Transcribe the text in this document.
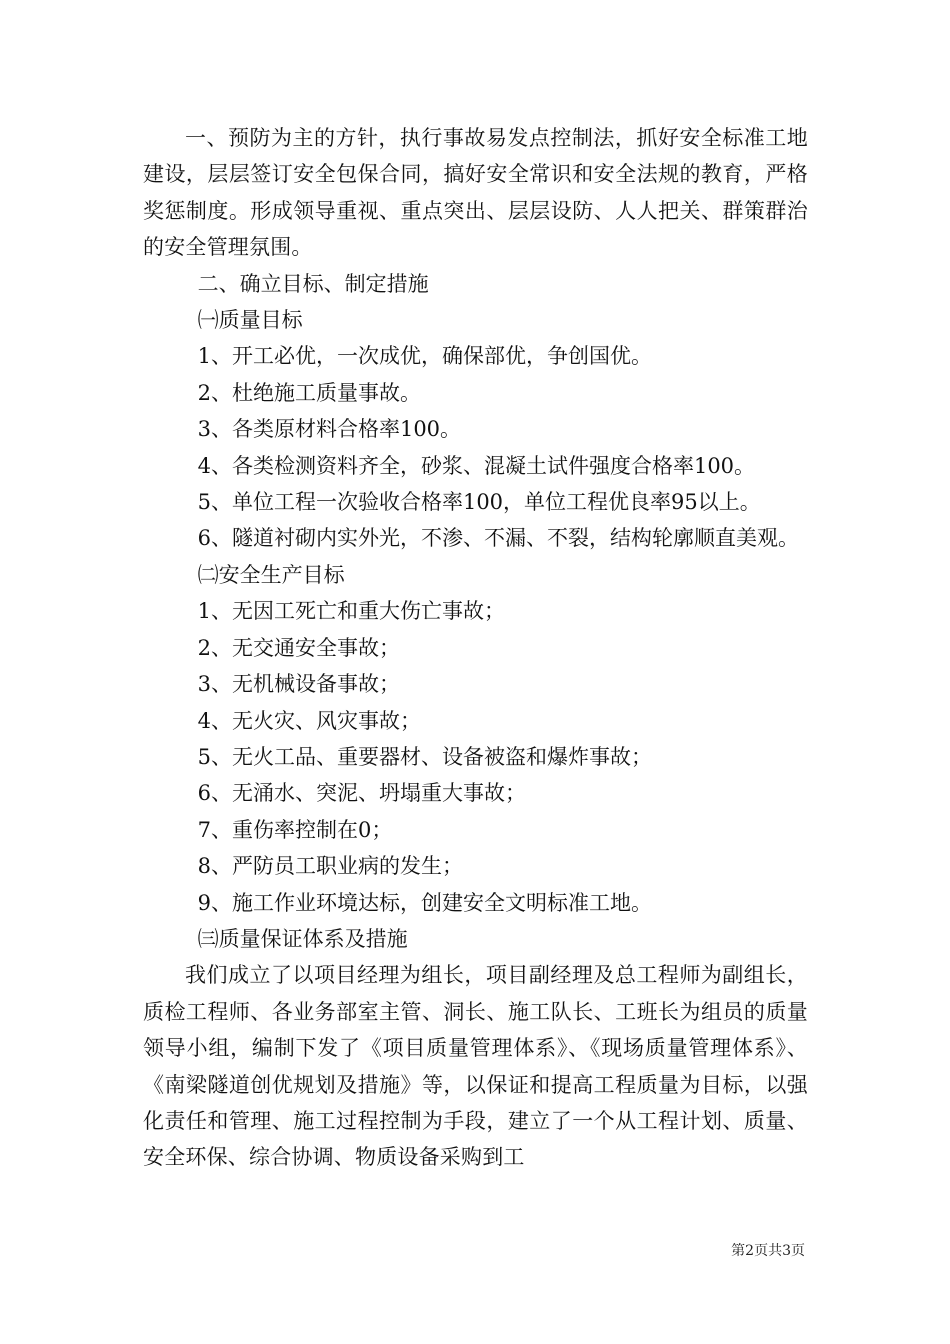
一、预防为主的方针，执行事故易发点控制法，抓好安全标准工地建设，层层签订安全包保合同，搞好安全常识和安全法规的教育，严格奖惩制度。形成领导重视、重点突出、层层设防、人人把关、群策群治的安全管理氛围。

二、确立目标、制定措施

㈠质量目标

1、开工必优，一次成优，确保部优，争创国优。

2、杜绝施工质量事故。

3、各类原材料合格率100。

4、各类检测资料齐全，砂浆、混凝土试件强度合格率100。

5、单位工程一次验收合格率100，单位工程优良率95以上。

6、隧道衬砌内实外光，不渗、不漏、不裂，结构轮廓顺直美观。

㈡安全生产目标

1、无因工死亡和重大伤亡事故；

2、无交通安全事故；

3、无机械设备事故；

4、无火灾、风灾事故；

5、无火工品、重要器材、设备被盗和爆炸事故；

6、无涌水、突泥、坍塌重大事故；

7、重伤率控制在0；

8、严防员工职业病的发生；

9、施工作业环境达标，创建安全文明标准工地。

㈢质量保证体系及措施

我们成立了以项目经理为组长，项目副经理及总工程师为副组长，质检工程师、各业务部室主管、洞长、施工队长、工班长为组员的质量领导小组，编制下发了《项目质量管理体系》、《现场质量管理体系》、《南梁隧道创优规划及措施》等，以保证和提高工程质量为目标，以强化责任和管理、施工过程控制为手段，建立了一个从工程计划、质量、安全环保、综合协调、物质设备采购到工

第2页共3页
